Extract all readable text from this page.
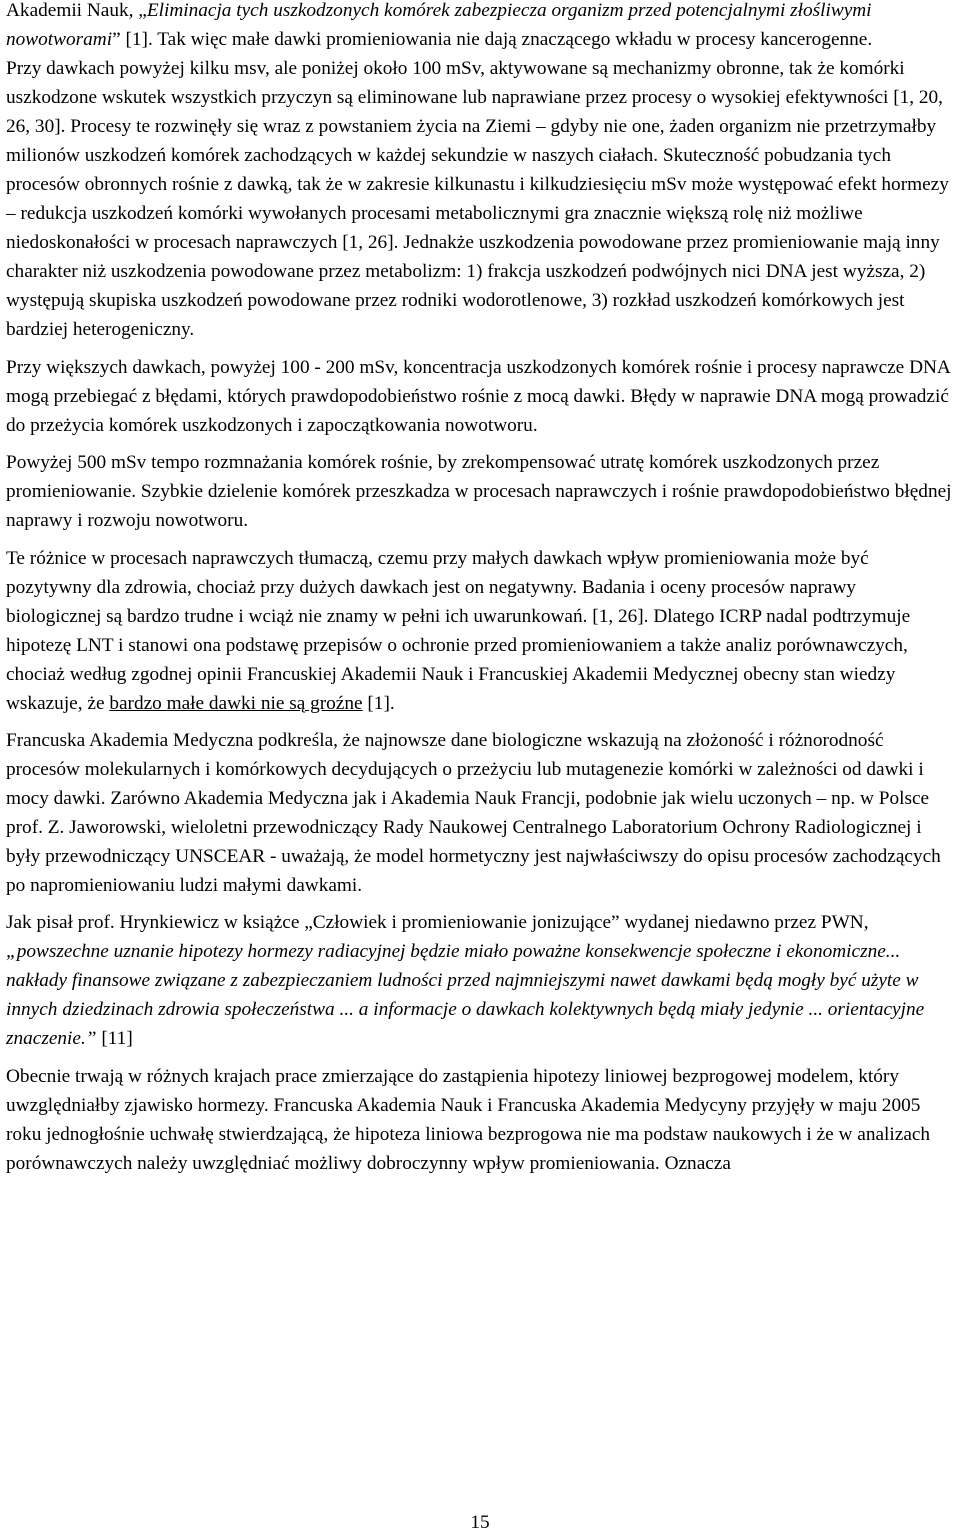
Akademii Nauk, „Eliminacja tych uszkodzonych komórek zabezpiecza organizm przed potencjalnymi złośliwymi nowotworami” [1]. Tak więc małe dawki promieniowania nie dają znaczącego wkładu w procesy kancerogenne.

Przy dawkach powyżej kilku msv, ale poniżej około 100 mSv, aktywowane są mechanizmy obronne, tak że komórki uszkodzone wskutek wszystkich przyczyn są eliminowane lub naprawiane przez procesy o wysokiej efektywności [1, 20, 26, 30]. Procesy te rozwinęły się wraz z powstaniem życia na Ziemi – gdyby nie one, żaden organizm nie przetrzymałby milionów uszkodzeń komórek zachodzących w każdej sekundzie w naszych ciałach. Skuteczność pobudzania tych procesów obronnych rośnie z dawką, tak że w zakresie kilkunastu i kilkudziesięciu mSv może występować efekt hormezy – redukcja uszkodzeń komórki wywołanych procesami metabolicznymi gra znacznie większą rolę niż możliwe niedoskonałości w procesach naprawczych [1, 26]. Jednakże uszkodzenia powodowane przez promieniowanie mają inny charakter niż uszkodzenia powodowane przez metabolizm: 1) frakcja uszkodzeń podwójnych nici DNA jest wyższa, 2) występują skupiska uszkodzeń powodowane przez rodniki wodorotlenowe, 3) rozkład uszkodzeń komórkowych jest bardziej heterogeniczny.

Przy większych dawkach, powyżej 100 - 200 mSv, koncentracja uszkodzonych komórek rośnie i procesy naprawcze DNA mogą przebiegać z błędami, których prawdopodobieństwo rośnie z mocą dawki. Błędy w naprawie DNA mogą prowadzić do przeżycia komórek uszkodzonych i zapoczątkowania nowotworu.

Powyżej 500 mSv tempo rozmnażania komórek rośnie, by zrekompensować utratę komórek uszkodzonych przez promieniowanie. Szybkie dzielenie komórek przeszkadza w procesach naprawczych i rośnie prawdopodobieństwo błędnej naprawy i rozwoju nowotworu.

Te różnice w procesach naprawczych tłumaczą, czemu przy małych dawkach wpływ promieniowania może być pozytywny dla zdrowia, chociaż przy dużych dawkach jest on negatywny. Badania i oceny procesów naprawy biologicznej są bardzo trudne i wciąż nie znamy w pełni ich uwarunkowań. [1, 26]. Dlatego ICRP nadal podtrzymuje hipotezę LNT i stanowi ona podstawę przepisów o ochronie przed promieniowaniem a także analiz porównawczych, chociaż według zgodnej opinii Francuskiej Akademii Nauk i Francuskiej Akademii Medycznej obecny stan wiedzy wskazuje, że bardzo małe dawki nie są groźne [1].

Francuska Akademia Medyczna podkreśla, że najnowsze dane biologiczne wskazują na złożoność i różnorodność procesów molekularnych i komórkowych decydujących o przeżyciu lub mutagenezie komórki w zależności od dawki i mocy dawki. Zarówno Akademia Medyczna jak i Akademia Nauk Francji, podobnie jak wielu uczonych – np. w Polsce prof. Z. Jaworowski, wieloletni przewodniczący Rady Naukowej Centralnego Laboratorium Ochrony Radiologicznej i były przewodniczący UNSCEAR - uważają, że model hormetyczny jest najwłaściwszy do opisu procesów zachodzących po napromieniowaniu ludzi małymi dawkami.

Jak pisał prof. Hrynkiewicz w książce „Człowiek i promieniowanie jonizujące” wydanej niedawno przez PWN, „powszechne uznanie hipotezy hormezy radiacyjnej będzie miało poważne konsekwencje społeczne i ekonomiczne... nakłady finansowe związane z zabezpieczaniem ludności przed najmniejszymi nawet dawkami będą mogły być użyte w innych dziedzinach zdrowia społeczeństwa ... a informacje o dawkach kolektywnych będą miały jedynie ... orientacyjne znaczenie.” [11]

Obecnie trwają w różnych krajach prace zmierzające do zastąpienia hipotezy liniowej bezprogowej modelem, który uwzględniałby zjawisko hormezy. Francuska Akademia Nauk i Francuska Akademia Medycyny przyjęły w maju 2005 roku jednogłośnie uchwałę stwierdzającą, że hipoteza liniowa bezprogowa nie ma podstaw naukowych i że w analizach porównawczych należy uwzględniać możliwy dobroczynny wpływ promieniowania. Oznacza

15
